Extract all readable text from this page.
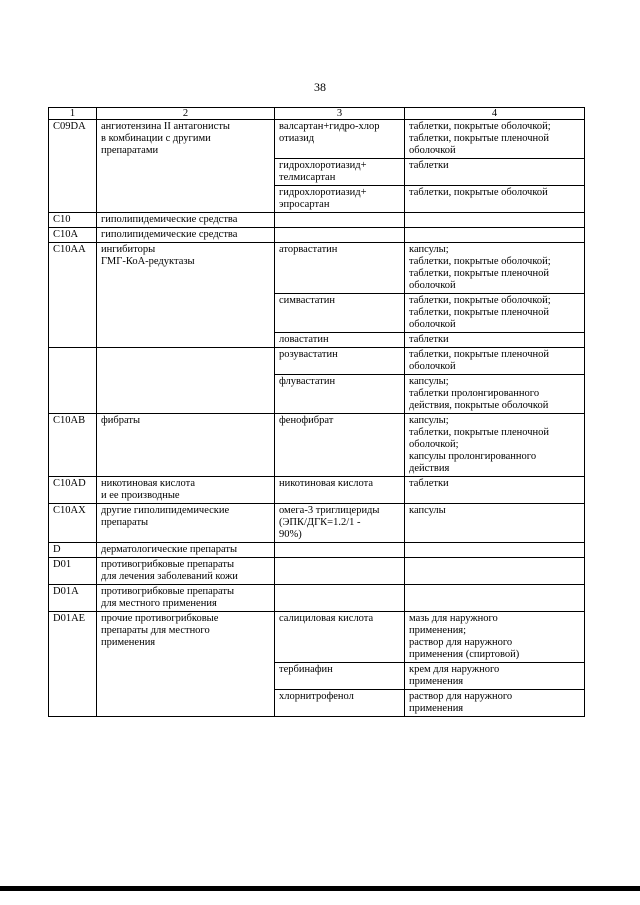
38
1	2	3	4

C09DA	ангиотензина II антагонисты
в комбинации с другими
препаратами	валсартан+гидро-хлор
отиазид	таблетки, покрытые оболочкой;
таблетки, покрытые пленочной
оболочкой

		гидрохлоротиазид+
телмисартан	таблетки

		гидрохлоротиазид+
эпросартан	таблетки, покрытые оболочкой

C10	гиполипидемические средства		

C10A	гиполипидемические средства		

C10AA	ингибиторы
ГМГ-КоА-редуктазы	аторвастатин	капсулы;
таблетки, покрытые оболочкой;
таблетки, покрытые пленочной
оболочкой

		симвастатин	таблетки, покрытые оболочкой;
таблетки, покрытые пленочной
оболочкой

		ловастатин	таблетки

		розувастатин	таблетки, покрытые пленочной
оболочкой

		флувастатин	капсулы;
таблетки пролонгированного
действия, покрытые оболочкой

C10AB	фибраты	фенофибрат	капсулы;
таблетки, покрытые пленочной
оболочкой;
капсулы пролонгированного
действия

C10AD	никотиновая кислота
и ее производные	никотиновая кислота	таблетки

C10AX	другие гиполипидемические
препараты	омега-3 триглицериды
(ЭПК/ДГК=1.2/1 -
90%)	капсулы

D	дерматологические препараты		

D01	противогрибковые препараты
для лечения заболеваний кожи		

D01A	противогрибковые препараты
для местного применения		

D01AE	прочие противогрибковые
препараты для местного
применения	салициловая кислота	мазь для наружного
применения;
раствор для наружного
применения (спиртовой)

		тербинафин	крем для наружного
применения

		хлорнитрофенол	раствор для наружного
применения
